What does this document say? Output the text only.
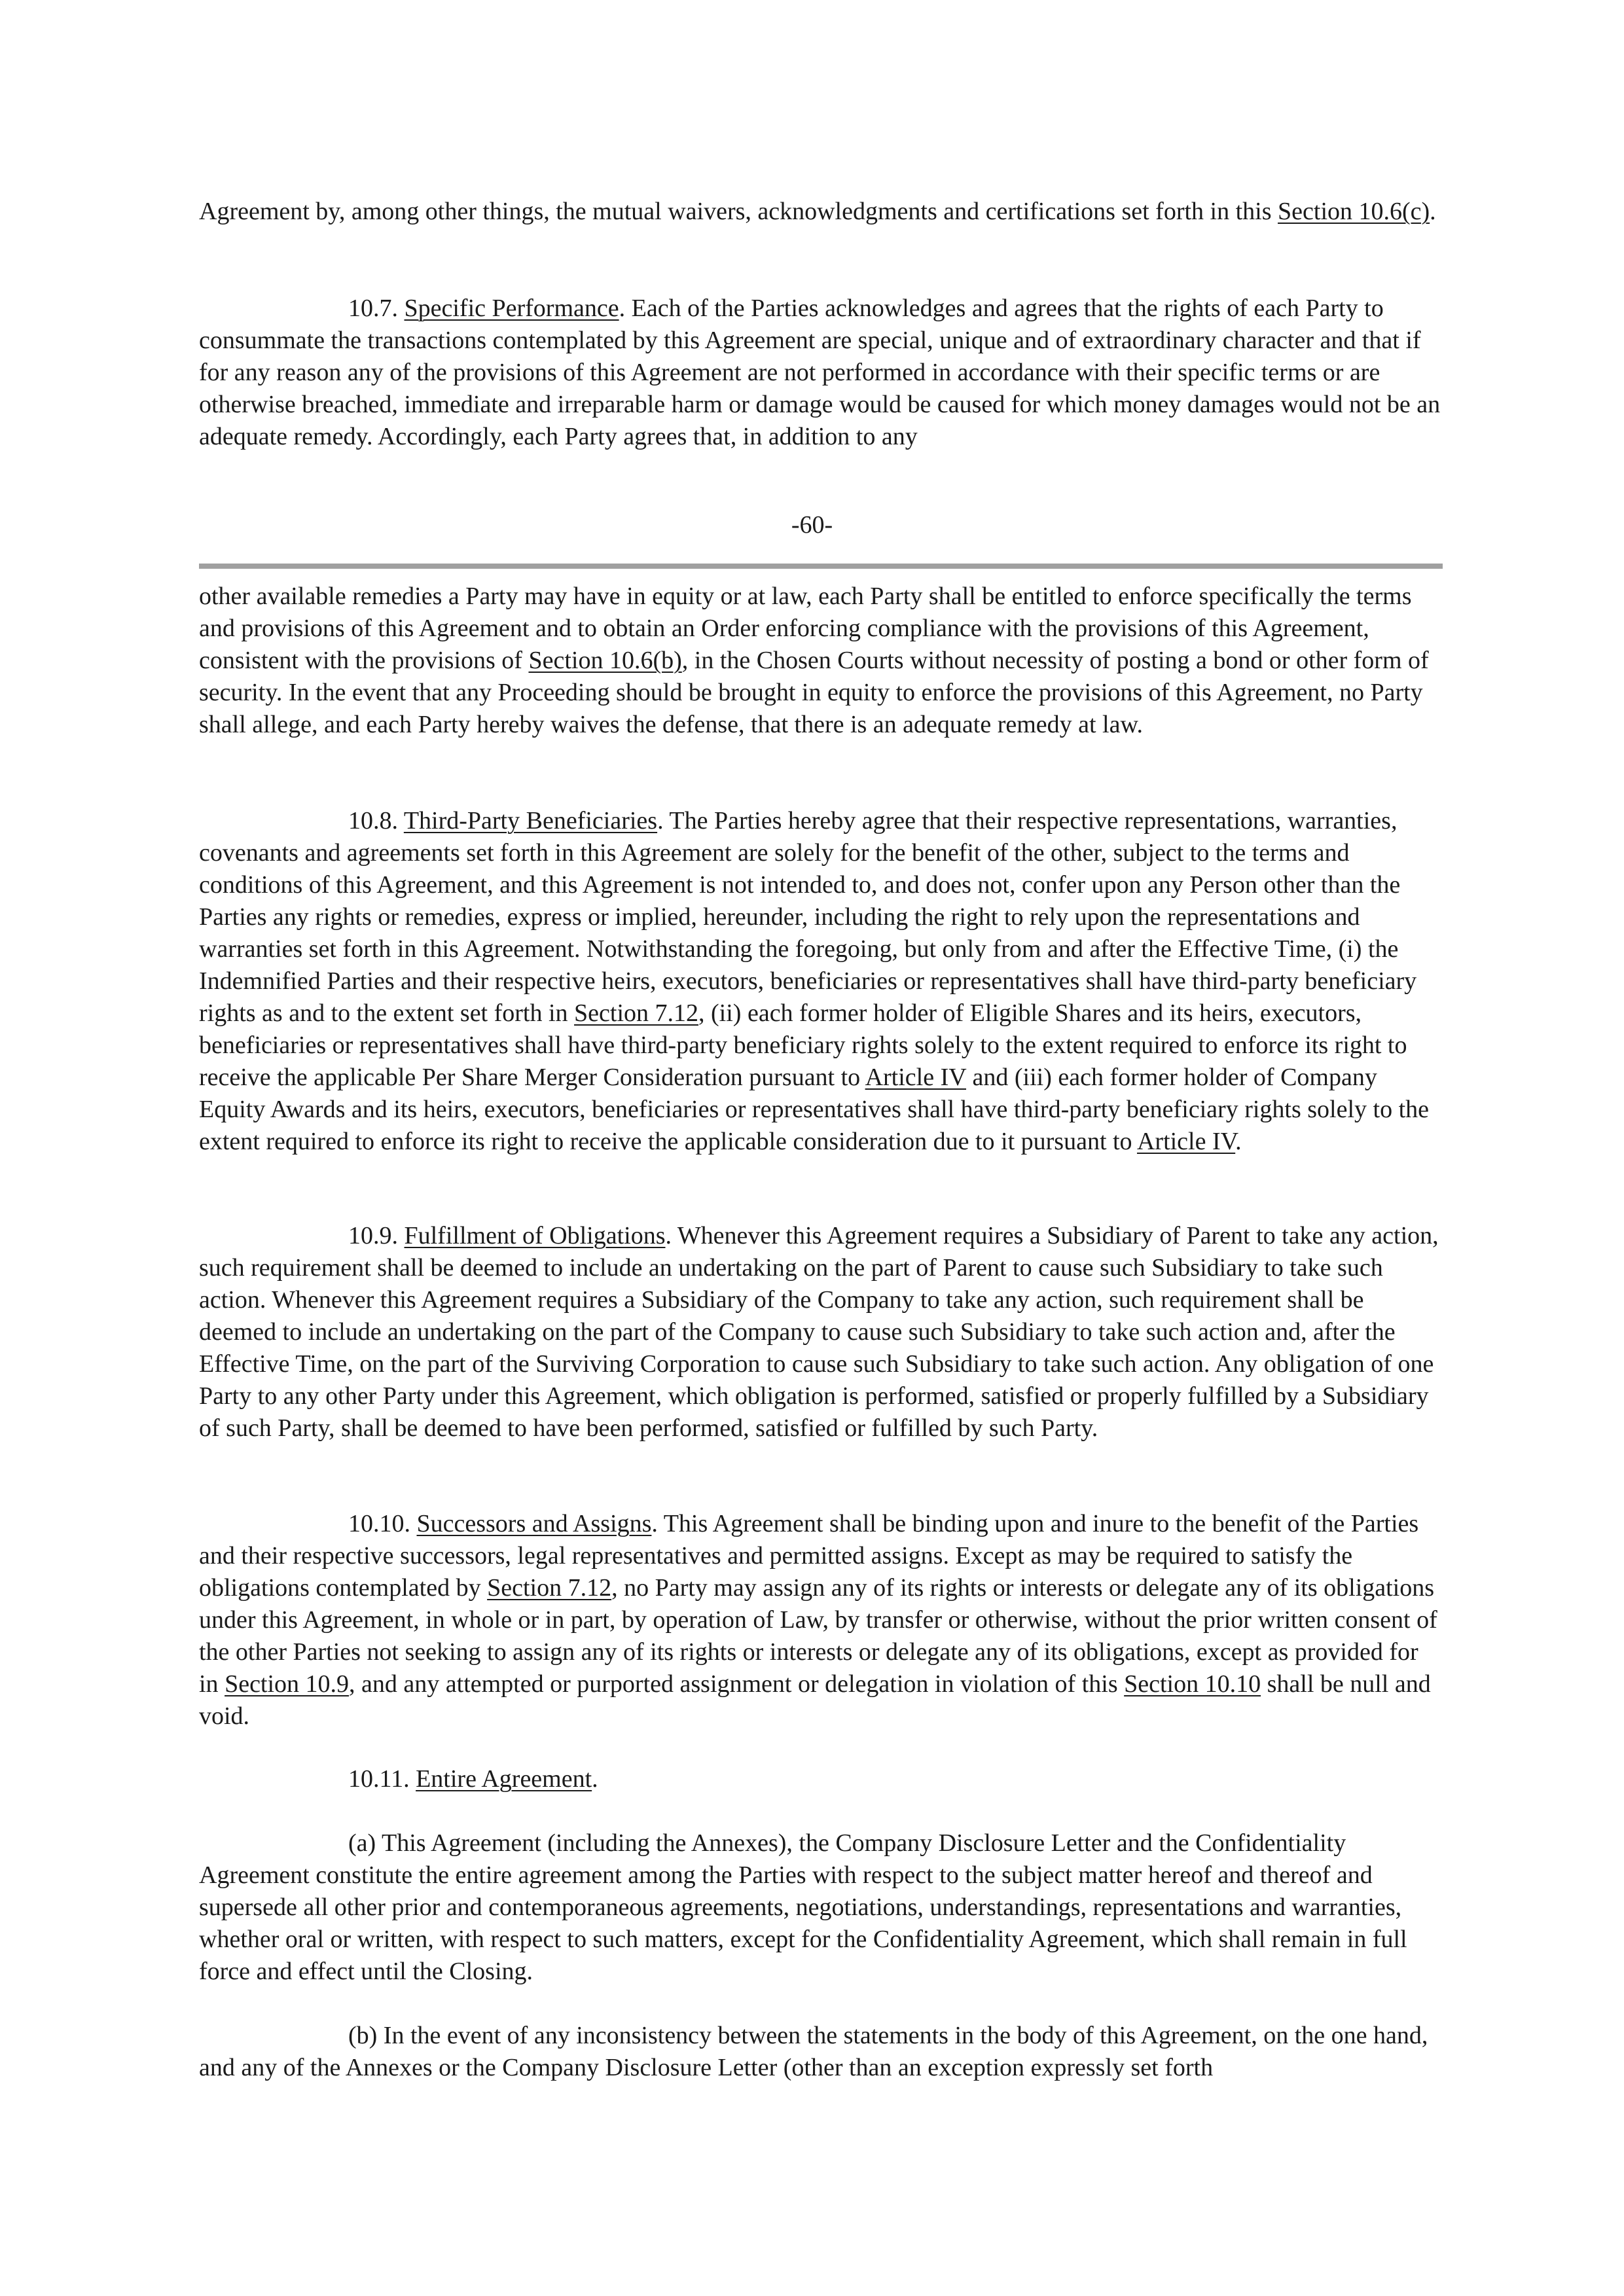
Agreement by, among other things, the mutual waivers, acknowledgments and certifications set forth in this Section 10.6(c).

10.7. Specific Performance. Each of the Parties acknowledges and agrees that the rights of each Party to consummate the transactions contemplated by this Agreement are special, unique and of extraordinary character and that if for any reason any of the provisions of this Agreement are not performed in accordance with their specific terms or are otherwise breached, immediate and irreparable harm or damage would be caused for which money damages would not be an adequate remedy. Accordingly, each Party agrees that, in addition to any

-60-

other available remedies a Party may have in equity or at law, each Party shall be entitled to enforce specifically the terms and provisions of this Agreement and to obtain an Order enforcing compliance with the provisions of this Agreement, consistent with the provisions of Section 10.6(b), in the Chosen Courts without necessity of posting a bond or other form of security. In the event that any Proceeding should be brought in equity to enforce the provisions of this Agreement, no Party shall allege, and each Party hereby waives the defense, that there is an adequate remedy at law.

10.8. Third-Party Beneficiaries. The Parties hereby agree that their respective representations, warranties, covenants and agreements set forth in this Agreement are solely for the benefit of the other, subject to the terms and conditions of this Agreement, and this Agreement is not intended to, and does not, confer upon any Person other than the Parties any rights or remedies, express or implied, hereunder, including the right to rely upon the representations and warranties set forth in this Agreement. Notwithstanding the foregoing, but only from and after the Effective Time, (i) the Indemnified Parties and their respective heirs, executors, beneficiaries or representatives shall have third-party beneficiary rights as and to the extent set forth in Section 7.12, (ii) each former holder of Eligible Shares and its heirs, executors, beneficiaries or representatives shall have third-party beneficiary rights solely to the extent required to enforce its right to receive the applicable Per Share Merger Consideration pursuant to Article IV and (iii) each former holder of Company Equity Awards and its heirs, executors, beneficiaries or representatives shall have third-party beneficiary rights solely to the extent required to enforce its right to receive the applicable consideration due to it pursuant to Article IV.

10.9. Fulfillment of Obligations. Whenever this Agreement requires a Subsidiary of Parent to take any action, such requirement shall be deemed to include an undertaking on the part of Parent to cause such Subsidiary to take such action. Whenever this Agreement requires a Subsidiary of the Company to take any action, such requirement shall be deemed to include an undertaking on the part of the Company to cause such Subsidiary to take such action and, after the Effective Time, on the part of the Surviving Corporation to cause such Subsidiary to take such action. Any obligation of one Party to any other Party under this Agreement, which obligation is performed, satisfied or properly fulfilled by a Subsidiary of such Party, shall be deemed to have been performed, satisfied or fulfilled by such Party.

10.10. Successors and Assigns. This Agreement shall be binding upon and inure to the benefit of the Parties and their respective successors, legal representatives and permitted assigns. Except as may be required to satisfy the obligations contemplated by Section 7.12, no Party may assign any of its rights or interests or delegate any of its obligations under this Agreement, in whole or in part, by operation of Law, by transfer or otherwise, without the prior written consent of the other Parties not seeking to assign any of its rights or interests or delegate any of its obligations, except as provided for in Section 10.9, and any attempted or purported assignment or delegation in violation of this Section 10.10 shall be null and void.

10.11. Entire Agreement.

(a) This Agreement (including the Annexes), the Company Disclosure Letter and the Confidentiality Agreement constitute the entire agreement among the Parties with respect to the subject matter hereof and thereof and supersede all other prior and contemporaneous agreements, negotiations, understandings, representations and warranties, whether oral or written, with respect to such matters, except for the Confidentiality Agreement, which shall remain in full force and effect until the Closing.

(b) In the event of any inconsistency between the statements in the body of this Agreement, on the one hand, and any of the Annexes or the Company Disclosure Letter (other than an exception expressly set forth
